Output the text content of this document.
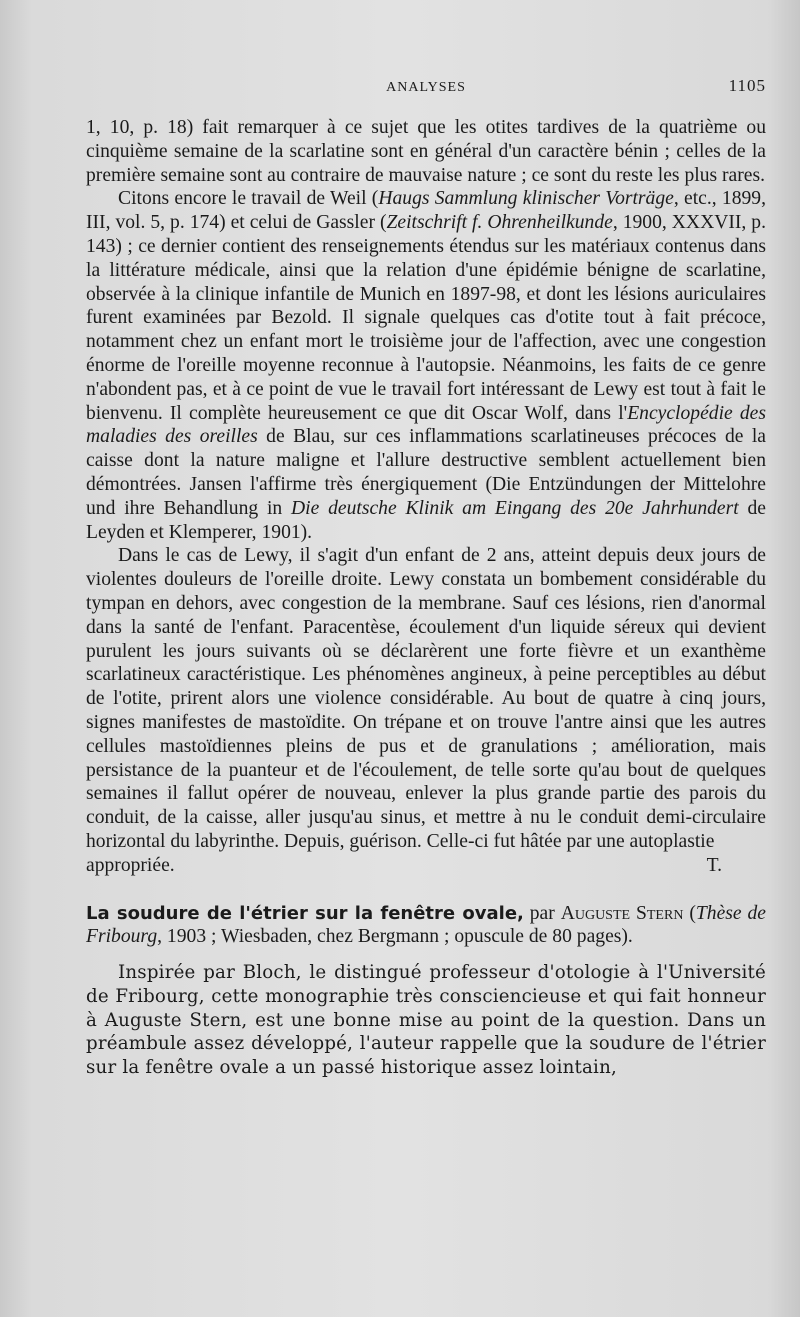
ANALYSES	1105

1, 10, p. 18) fait remarquer à ce sujet que les otites tardives de la quatrième ou cinquième semaine de la scarlatine sont en général d'un caractère bénin ; celles de la première semaine sont au contraire de mauvaise nature ; ce sont du reste les plus rares.

Citons encore le travail de Weil (Haugs Sammlung klinischer Vorträge, etc., 1899, III, vol. 5, p. 174) et celui de Gassler (Zeitschrift f. Ohrenheilkunde, 1900, XXXVII, p. 143) ; ce dernier contient des renseignements étendus sur les matériaux contenus dans la littérature médicale, ainsi que la relation d'une épidémie bénigne de scarlatine, observée à la clinique infantile de Munich en 1897-98, et dont les lésions auriculaires furent examinées par Bezold. Il signale quelques cas d'otite tout à fait précoce, notamment chez un enfant mort le troisième jour de l'affection, avec une congestion énorme de l'oreille moyenne reconnue à l'autopsie. Néanmoins, les faits de ce genre n'abondent pas, et à ce point de vue le travail fort intéressant de Lewy est tout à fait le bienvenu. Il complète heureusement ce que dit Oscar Wolf, dans l'Encyclopédie des maladies des oreilles de Blau, sur ces inflammations scarlatineuses précoces de la caisse dont la nature maligne et l'allure destructive semblent actuellement bien démontrées. Jansen l'affirme très énergiquement (Die Entzündungen der Mittelohre und ihre Behandlung in Die deutsche Klinik am Eingang des 20e Jahrhundert de Leyden et Klemperer, 1901).

Dans le cas de Lewy, il s'agit d'un enfant de 2 ans, atteint depuis deux jours de violentes douleurs de l'oreille droite. Lewy constata un bombement considérable du tympan en dehors, avec congestion de la membrane. Sauf ces lésions, rien d'anormal dans la santé de l'enfant. Paracentèse, écoulement d'un liquide séreux qui devient purulent les jours suivants où se déclarèrent une forte fièvre et un exanthème scarlatineux caractéristique. Les phénomènes angineux, à peine perceptibles au début de l'otite, prirent alors une violence considérable. Au bout de quatre à cinq jours, signes manifestes de mastoïdite. On trépane et on trouve l'antre ainsi que les autres cellules mastoïdiennes pleins de pus et de granulations ; amélioration, mais persistance de la puanteur et de l'écoulement, de telle sorte qu'au bout de quelques semaines il fallut opérer de nouveau, enlever la plus grande partie des parois du conduit, de la caisse, aller jusqu'au sinus, et mettre à nu le conduit demi-circulaire horizontal du labyrinthe. Depuis, guérison. Celle-ci fut hâtée par une autoplastie

appropriée.	T.

La soudure de l'étrier sur la fenêtre ovale, par Auguste Stern (Thèse de Fribourg, 1903 ; Wiesbaden, chez Bergmann ; opuscule de 80 pages).

Inspirée par Bloch, le distingué professeur d'otologie à l'Université de Fribourg, cette monographie très consciencieuse et qui fait honneur à Auguste Stern, est une bonne mise au point de la question. Dans un préambule assez développé, l'auteur rappelle que la soudure de l'étrier sur la fenêtre ovale a un passé historique assez lointain,
